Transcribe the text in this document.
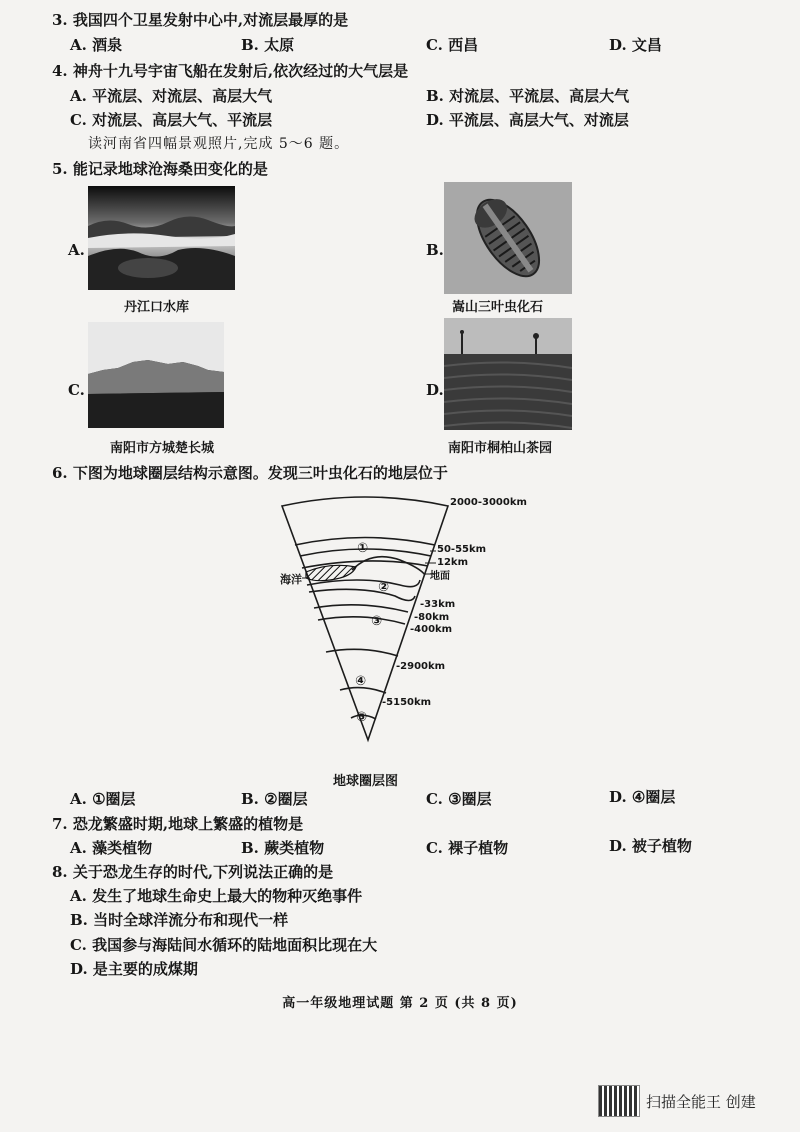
3. 我国四个卫星发射中心中,对流层最厚的是
A. 酒泉	B. 太原	C. 西昌	D. 文昌
4. 神舟十九号宇宙飞船在发射后,依次经过的大气层是
A. 平流层、对流层、高层大气	B. 对流层、平流层、高层大气
C. 对流层、高层大气、平流层	D. 平流层、高层大气、对流层
读河南省四幅景观照片,完成 5～6 题。
5. 能记录地球沧海桑田变化的是
A.
丹江口水库
B.
嵩山三叶虫化石
C.
南阳市方城楚长城
D.
南阳市桐柏山茶园
6. 下图为地球圈层结构示意图。发现三叶虫化石的地层位于
2000-3000km
50-55km
12km
地面
-33km
-80km
-400km
-2900km
-5150km
海洋
①
②
③
④
⑤
地球圈层图
A. ①圈层	B. ②圈层	C. ③圈层	D. ④圈层
7. 恐龙繁盛时期,地球上繁盛的植物是
A. 藻类植物	B. 蕨类植物	C. 裸子植物	D. 被子植物
8. 关于恐龙生存的时代,下列说法正确的是
A. 发生了地球生命史上最大的物种灭绝事件
B. 当时全球洋流分布和现代一样
C. 我国参与海陆间水循环的陆地面积比现在大
D. 是主要的成煤期
高一年级地理试题 第 2 页 (共 8 页)
扫描全能王 创建
